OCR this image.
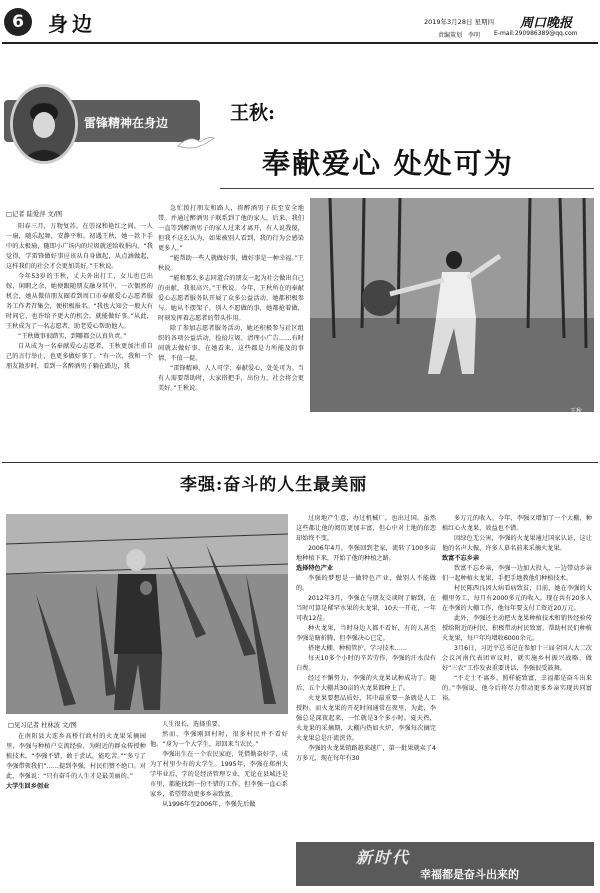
6 身边	2019年3月28日 星期四 周口晚报
责编策划　李明 E-mail:290986389@qq.com
雷锋精神在身边	王秋:
奉献爱心 处处可为
□记者 陆爱萍 文/图

阳春三月，万物复苏，在崇禄和艳红之间，一人一扇，随乐起舞，安静平和。初遇王秋，她一款下手中的太极扇，随即小广场内的垃圾就送给收捐内。“我觉得，学雷锋做好事应该从自身做起，从点滴做起，这样我们的社会才会更加美好。”王秋说。

今年53岁的王秋，丈夫外出打工，女儿也已出嫁，闲暇之余，她便跟随朋友融身其中，一次偶然的机会，她从微信朋友圈看到周口市奉献爱心志愿者服务工作者召集会，便积极报名。“我也大知会一般大有时间它，也许给予更大的机会，就能做好事。”从此，王秋成为了一名志愿者，助老爱心帮助他人。

“王秋做事很踏实，到哪都会认真负责。”

自从成为一名奉献爱心志愿者，王秋更加注重自己的言行举止，也更多做好事了。“有一次，我和一个朋友散步时，看到一名醉酒男子躺在路边，我

急忙拨打朋友和路人，将醉酒男子扶至安全地带。并通过醉酒男子联系到了他的家人，后来，我们一直等到醉酒男子的家人过来才离开，有人说我傻，但我不这么认为，如果被别人看到，我的行为会感染更多人。”

“能帮助一些人就做好事，做好事是一种幸福。”王秋说。

“能和那么多志同道合的朋友一起为社会做出自己的贡献，我很高兴。”王秋说。今年，王秋所在的奉献爱心志愿者服务队开展了众多公益活动，她都积极参与。她从不摆架子，别人不愿做的事，她都抢着做，时刻发挥着志愿者的带头作用。

除了参加志愿者服务活动，她还积极参与社区组织的各项公益活动，捡拾垃圾、清理小广告……有时间就去做好事，在她看来，这些都是力所能及的事情，不值一提。

“雷锋精神，人人可学；奉献爱心，处处可为。当有人需要帮助时，大家搭把手，出份力，社会将会更美好。”王秋说。

王秋
李强:奋斗的人生最美丽
□见习记者 杜林波 文/图

在南阳县大连乡高桥行政村的火龙果采摘园里，李强与种植户交流经验、为附近的群众传授种植技术。“李强不错，敢于尝试，能吃苦。”“多亏了李强带领我们”……提到李强，村民们赞不绝口。对此，李强说：“只有奋斗的人生才是最美丽的。”

大学生回乡创业

人生很长，选择重要。

然而，李强刚回村时，很多村民并不看好他。“身为一个大学生，却回来当农民。”

李强出生在一个农民家庭，凭借勤奋好学，成为了村里少有的大学生。1995年，李强在郑州大学毕业后，学的是经济管理专业，无论在县城还是市里，都能找到一份不错的工作。但李强一直心系家乡，希望带动更多乡亲致富。

从1996年至2006年，李强先后做

过房地产生意，办过机械厂，也出过国。虽然这些都让他的阅历更加丰富，但心中对土地的依恋却始终不变。

2006年4月，李强回到老家，流转了100多亩地种植下来，开始了他的种植之路。

选择特色产业

李强的梦想是一做特色产业，做别人不能做的。

2012年3月，李强在与朋友交谈时了解到，在当时可算是稀罕水果的火龙果，10天一开花，一年可收12茬。

种火龙果，当时身边人都不看好，有的人甚至李强是瞎折腾，但李强决心已定。

搭建大棚、种植管护、学习技术……

每天10多个小时的辛苦劳作，李强的汗水没有白费。

经过不懈努力，李强的火龙果试种成功了。随后，五个大棚共30亩的火龙果都种上了。

火龙果要想品质好，其中最重要一条就是人工授粉。而火龙果的开花时间通常在夜里，为此，李强总是深夜起来，一忙就是3个多小时。夏天热，火龙果的采摘期，大棚内热如火炉，李强每次摘完火龙果总是汗流浃背。

李强的火龙果销路越来越广，第一批果就卖了4万多元，现在每年有30

多万元的收入。今年，李强又增加了一个大棚，种植红心火龙果，效益也不错。

因绿色无公害，李强的火龙果通过国家认证，这让他的名声大振，许多人慕名前来采摘火龙果。

致富不忘乡亲

致富不忘乡亲，李强一边加大投入，一边带动乡亲们一起种植火龙果，手把手地教他们种植技术。

村民陈西良因大病看病致贫，目前，她在李强的大棚里务工，每月有2000多元的收入。现在共有20多人在李强的大棚工作，他每年要支付工资近20万元。

此外，李强还主动把火龙果种植技术和销售经验传授给附近的村民，积极带动村民致富，帮助村民们种植火龙果，每户年均增收6000余元。

3月6日，习近平总书记在参加十三届全国人大二次会议河南代表团审议时，就实施乡村振兴战略、做好“三农”工作发表重要讲话，李强很受鼓舞。

“不走土不离乡，照样能致富，幸福都是奋斗出来的。”李强说，他今后将尽力带动更多乡亲实现共同富裕。

新时代
幸福都是奋斗出来的
